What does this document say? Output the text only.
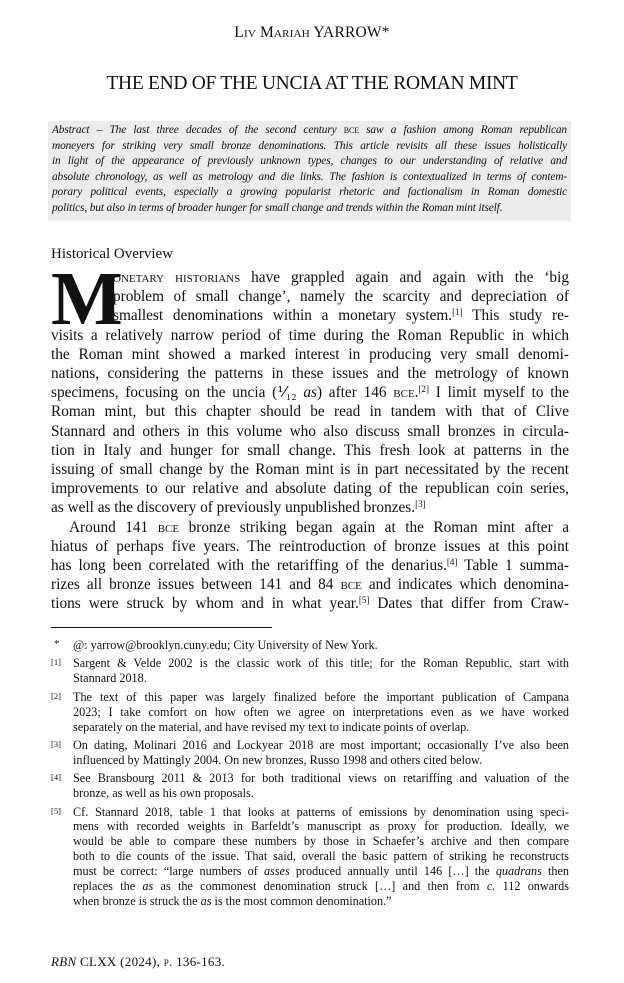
Liv Mariah YARROW*
THE END OF THE UNCIA AT THE ROMAN MINT
Abstract – The last three decades of the second century bce saw a fashion among Roman republican
moneyers for striking very small bronze denominations. This article revisits all these issues holistically
in light of the appearance of previously unknown types, changes to our understanding of relative and
absolute chronology, as well as metrology and die links. The fashion is contextualized in terms of contem-
porary political events, especially a growing popularist rhetoric and factionalism in Roman domestic
politics, but also in terms of broader hunger for small change and trends within the Roman mint itself.
Historical Overview
M
onetary historians have grappled again and again with the ‘big
problem of small change’, namely the scarcity and depreciation of
smallest denominations within a monetary system.[1] This study re-
visits a relatively narrow period of time during the Roman Republic in which
the Roman mint showed a marked interest in producing very small denomi-
nations, considering the patterns in these issues and the metrology of known
specimens, focusing on the uncia (⅟₁₂ as) after 146 bce.[2] I limit myself to the
Roman mint, but this chapter should be read in tandem with that of Clive
Stannard and others in this volume who also discuss small bronzes in circula-
tion in Italy and hunger for small change. This fresh look at patterns in the
issuing of small change by the Roman mint is in part necessitated by the recent
improvements to our relative and absolute dating of the republican coin series,
as well as the discovery of previously unpublished bronzes.[3]
Around 141 bce bronze striking began again at the Roman mint after a
hiatus of perhaps five years. The reintroduction of bronze issues at this point
has long been correlated with the retariffing of the denarius.[4] Table 1 summa-
rizes all bronze issues between 141 and 84 bce and indicates which denomina-
tions were struck by whom and in what year.[5] Dates that differ from Craw-
* @: yarrow@brooklyn.cuny.edu; City University of New York.
[1] Sargent & Velde 2002 is the classic work of this title; for the Roman Republic, start with
Stannard 2018.
[2] The text of this paper was largely finalized before the important publication of Campana
2023; I take comfort on how often we agree on interpretations even as we have worked
separately on the material, and have revised my text to indicate points of overlap.
[3] On dating, Molinari 2016 and Lockyear 2018 are most important; occasionally I’ve also been
influenced by Mattingly 2004. On new bronzes, Russo 1998 and others cited below.
[4] See Bransbourg 2011 & 2013 for both traditional views on retariffing and valuation of the
bronze, as well as his own proposals.
[5] Cf. Stannard 2018, table 1 that looks at patterns of emissions by denomination using speci-
mens with recorded weights in Barfeldt’s manuscript as proxy for production. Ideally, we
would be able to compare these numbers by those in Schaefer’s archive and then compare
both to die counts of the issue. That said, overall the basic pattern of striking he reconstructs
must be correct: “large numbers of asses produced annually until 146 […] the quadrans then
replaces the as as the commonest denomination struck […] and then from c. 112 onwards
when bronze is struck the as is the most common denomination.”
RBN CLXX (2024), p. 136-163.
